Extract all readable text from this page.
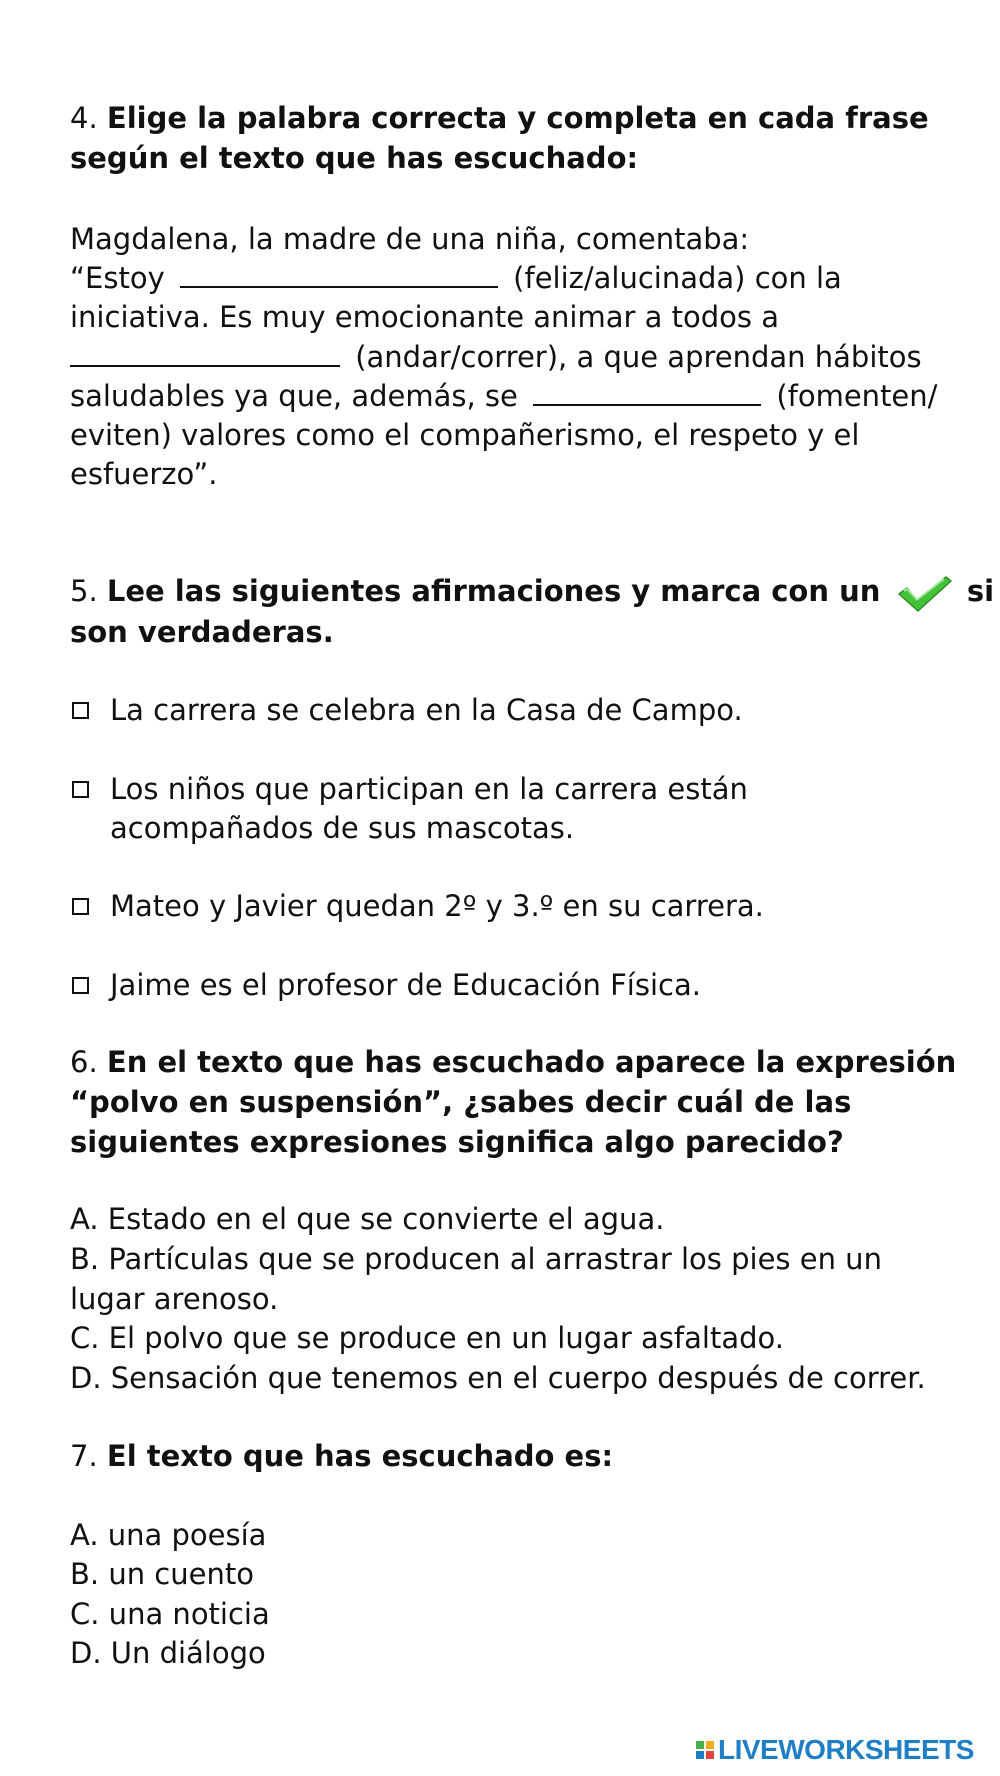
4. Elige la palabra correcta y completa en cada frase
según el texto que has escuchado:
Magdalena, la madre de una niña, comentaba:
“Estoy	(feliz/alucinada) con la
iniciativa. Es muy emocionante animar a todos a
(andar/correr), a que aprendan hábitos
saludables ya que, además, se	(fomenten/
eviten) valores como el compañerismo, el respeto y el
esfuerzo”.
5. Lee las siguientes afirmaciones y marca con un	si
son verdaderas.
La carrera se celebra en la Casa de Campo.
Los niños que participan en la carrera están
acompañados de sus mascotas.
Mateo y Javier quedan 2º y 3.º en su carrera.
Jaime es el profesor de Educación Física.
6. En el texto que has escuchado aparece la expresión
“polvo en suspensión”, ¿sabes decir cuál de las
siguientes expresiones significa algo parecido?
A. Estado en el que se convierte el agua.
B. Partículas que se producen al arrastrar los pies en un
lugar arenoso.
C. El polvo que se produce en un lugar asfaltado.
D. Sensación que tenemos en el cuerpo después de correr.
7. El texto que has escuchado es:
A. una poesía
B. un cuento
C. una noticia
D. Un diálogo
LIVEWORKSHEETS
